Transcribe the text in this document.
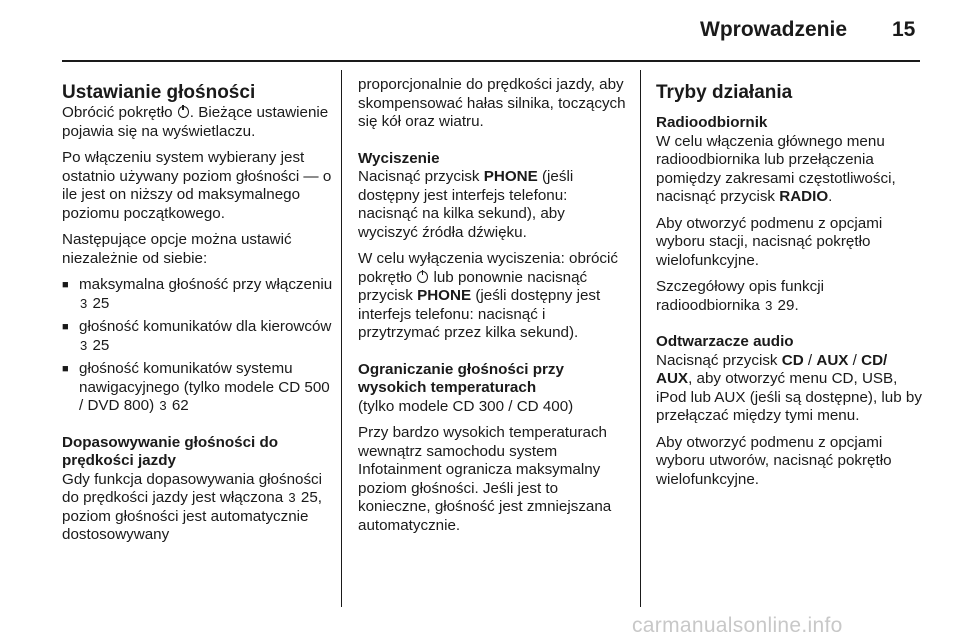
Wprowadzenie 15
Ustawianie głośności

Obrócić pokrętło . Bieżące ustawienie pojawia się na wyświetlaczu.

Po włączeniu system wybierany jest ostatnio używany poziom głośności — o ile jest on niższy od maksymalnego poziomu początkowego.

Następujące opcje można ustawić niezależnie od siebie:

■ maksymalna głośność przy włączeniu 3 25
■ głośność komunikatów dla kierowców 3 25
■ głośność komunikatów systemu nawigacyjnego (tylko modele CD 500 / DVD 800) 3 62
Dopasowywanie głośności do prędkości jazdy

Gdy funkcja dopasowywania głośności do prędkości jazdy jest włączona 3 25, poziom głośności jest automatycznie dostosowywany

proporcjonalnie do prędkości jazdy, aby skompensować hałas silnika, toczących się kół oraz wiatru.

Wyciszenie

Nacisnąć przycisk PHONE (jeśli dostępny jest interfejs telefonu: nacisnąć na kilka sekund), aby wyciszyć źródła dźwięku.

W celu wyłączenia wyciszenia: obrócić pokrętło  lub ponownie nacisnąć przycisk PHONE (jeśli dostępny jest interfejs telefonu: nacisnąć i przytrzymać przez kilka sekund).

Ograniczanie głośności przy wysokich temperaturach

(tylko modele CD 300 / CD 400)

Przy bardzo wysokich temperaturach wewnątrz samochodu system Infotainment ogranicza maksymalny poziom głośności. Jeśli jest to konieczne, głośność jest zmniejszana automatycznie.

Tryby działania
Radioodbiornik

W celu włączenia głównego menu radioodbiornika lub przełączenia pomiędzy zakresami częstotliwości, nacisnąć przycisk RADIO.

Aby otworzyć podmenu z opcjami wyboru stacji, nacisnąć pokrętło wielofunkcyjne.

Szczegółowy opis funkcji radioodbiornika 3 29.

Odtwarzacze audio

Nacisnąć przycisk CD / AUX / CD/ AUX, aby otworzyć menu CD, USB, iPod lub AUX (jeśli są dostępne), lub by przełączać między tymi menu.

Aby otworzyć podmenu z opcjami wyboru utworów, nacisnąć pokrętło wielofunkcyjne.

carmanualsonline.info
